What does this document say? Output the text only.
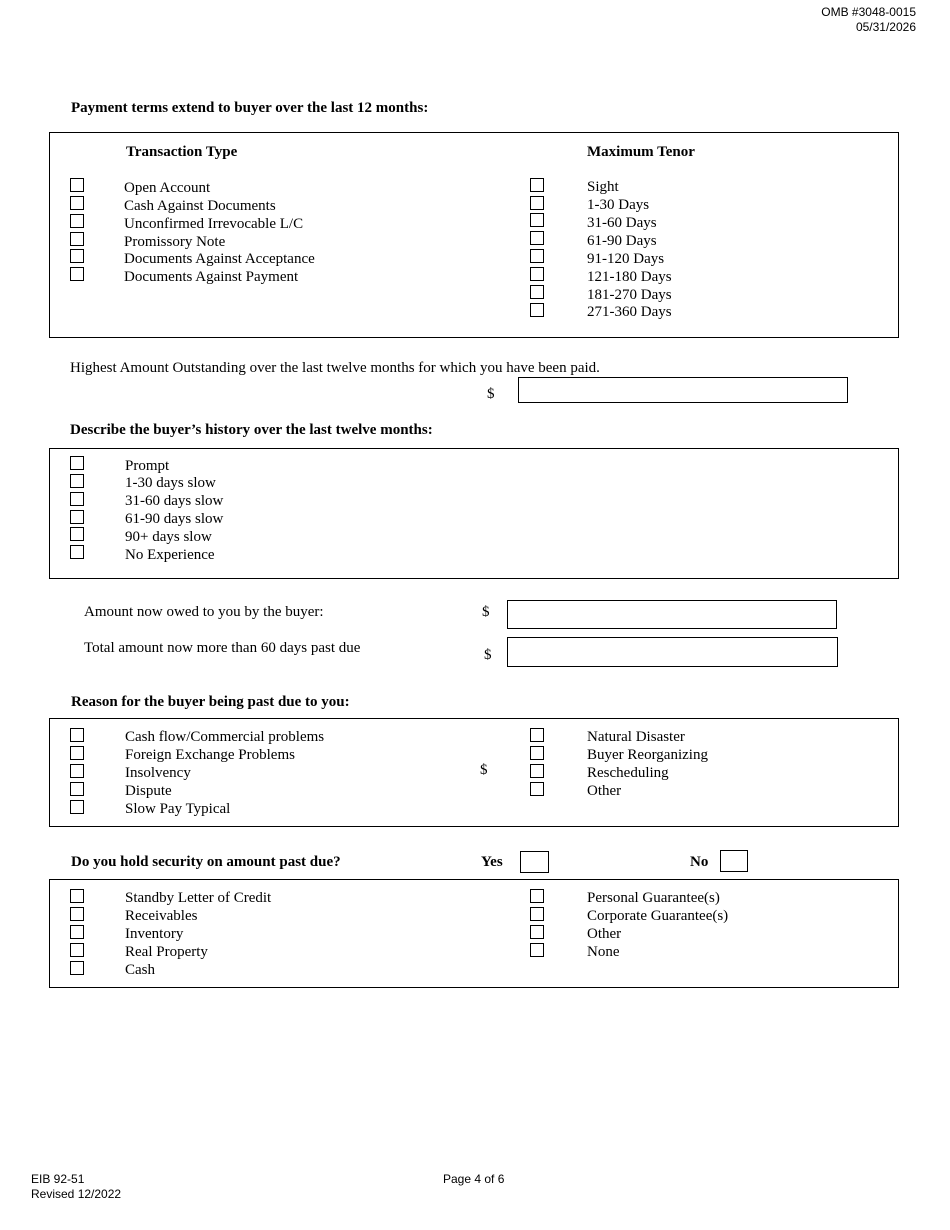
OMB #3048-0015
05/31/2026
Payment terms extend to buyer over the last 12 months:
Transaction Type	Maximum Tenor
Open Account
Cash Against Documents
Unconfirmed Irrevocable L/C
Promissory Note
Documents Against Acceptance
Documents Against Payment
Sight
1-30 Days
31-60 Days
61-90 Days
91-120 Days
121-180 Days
181-270 Days
271-360 Days
Highest Amount Outstanding over the last twelve months for which you have been paid.
$
Describe the buyer’s history over the last twelve months:
Prompt
1-30 days slow
31-60 days slow
61-90 days slow
90+ days slow
No Experience
Amount now owed to you by the buyer:	$
Total amount now more than 60 days past due	$
Reason for the buyer being past due to you:
Cash flow/Commercial problems
Foreign Exchange Problems
Insolvency
Dispute
Slow Pay Typical
$
Natural Disaster
Buyer Reorganizing
Rescheduling
Other
Do you hold security on amount past due?	Yes	No
Standby Letter of Credit
Receivables
Inventory
Real Property
Cash
Personal Guarantee(s)
Corporate Guarantee(s)
Other
None
EIB 92-51
Revised 12/2022
Page 4 of 6
